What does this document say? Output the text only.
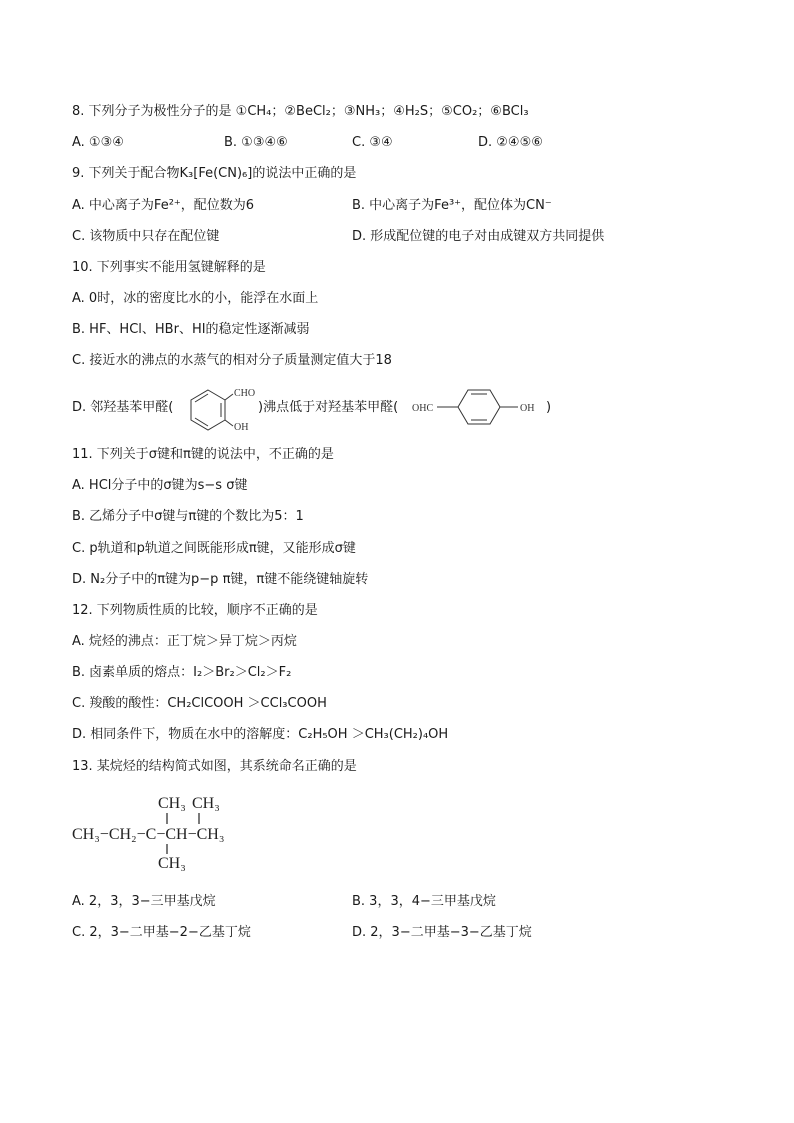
8. 下列分子为极性分子的是 ①CH₄；②BeCl₂；③NH₃；④H₂S；⑤CO₂；⑥BCl₃
A. ①③④	B. ①③④⑥	C. ③④	D. ②④⑤⑥
9. 下列关于配合物K₃[Fe(CN)₆]的说法中正确的是
A. 中心离子为Fe²⁺，配位数为6	B. 中心离子为Fe³⁺，配位体为CN⁻
C. 该物质中只存在配位键	D. 形成配位键的电子对由成键双方共同提供
10. 下列事实不能用氢键解释的是
A. 0时，冰的密度比水的小，能浮在水面上
B. HF、HCl、HBr、HI的稳定性逐渐减弱
C. 接近水的沸点的水蒸气的相对分子质量测定值大于18
D. 邻羟基苯甲醛(
CHO
OH
)沸点低于对羟基苯甲醛( OHC	OH )
11. 下列关于σ键和π键的说法中，不正确的是
A. HCl分子中的σ键为s−s σ键
B. 乙烯分子中σ键与π键的个数比为5：1
C. p轨道和p轨道之间既能形成π键，又能形成σ键
D. N₂分子中的π键为p−p π键，π键不能绕键轴旋转
12. 下列物质性质的比较，顺序不正确的是
A. 烷烃的沸点：正丁烷＞异丁烷＞丙烷
B. 卤素单质的熔点：I₂＞Br₂＞Cl₂＞F₂
C. 羧酸的酸性：CH₂ClCOOH ＞CCl₃COOH
D. 相同条件下，物质在水中的溶解度：C₂H₅OH ＞CH₃(CH₂)₄OH
13. 某烷烃的结构简式如图，其系统命名正确的是
CH₃ CH₃
CH₃−CH₂−C−CH−CH₃
CH₃
A. 2，3，3−三甲基戊烷	B. 3，3，4−三甲基戊烷
C. 2，3−二甲基−2−乙基丁烷	D. 2，3−二甲基−3−乙基丁烷
